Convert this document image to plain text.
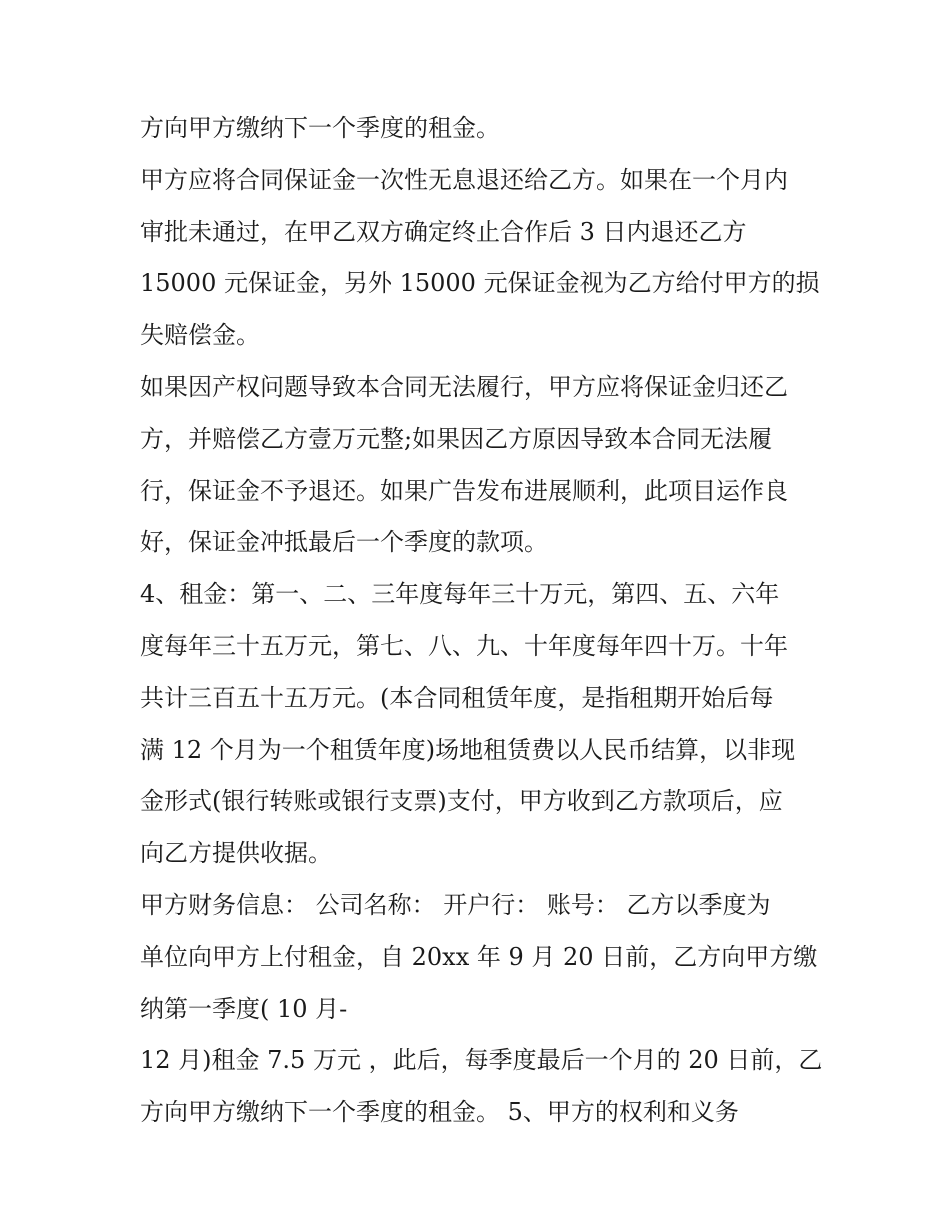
方向甲方缴纳下一个季度的租金。
甲方应将合同保证金一次性无息退还给乙方。如果在一个月内
审批未通过，在甲乙双方确定终止合作后 3 日内退还乙方
15000 元保证金，另外 15000 元保证金视为乙方给付甲方的损
失赔偿金。
如果因产权问题导致本合同无法履行，甲方应将保证金归还乙
方，并赔偿乙方壹万元整;如果因乙方原因导致本合同无法履
行，保证金不予退还。如果广告发布进展顺利，此项目运作良
好，保证金冲抵最后一个季度的款项。
4、租金：第一、二、三年度每年三十万元，第四、五、六年
度每年三十五万元，第七、八、九、十年度每年四十万。十年
共计三百五十五万元。(本合同租赁年度，是指租期开始后每
满 12 个月为一个租赁年度)场地租赁费以人民币结算，以非现
金形式(银行转账或银行支票)支付，甲方收到乙方款项后，应
向乙方提供收据。
甲方财务信息： 公司名称： 开户行： 账号： 乙方以季度为
单位向甲方上付租金，自 20xx 年 9 月 20 日前，乙方向甲方缴
纳第一季度( 10 月-
12 月)租金 7.5 万元 ，此后，每季度最后一个月的 20 日前，乙
方向甲方缴纳下一个季度的租金。 5、甲方的权利和义务
